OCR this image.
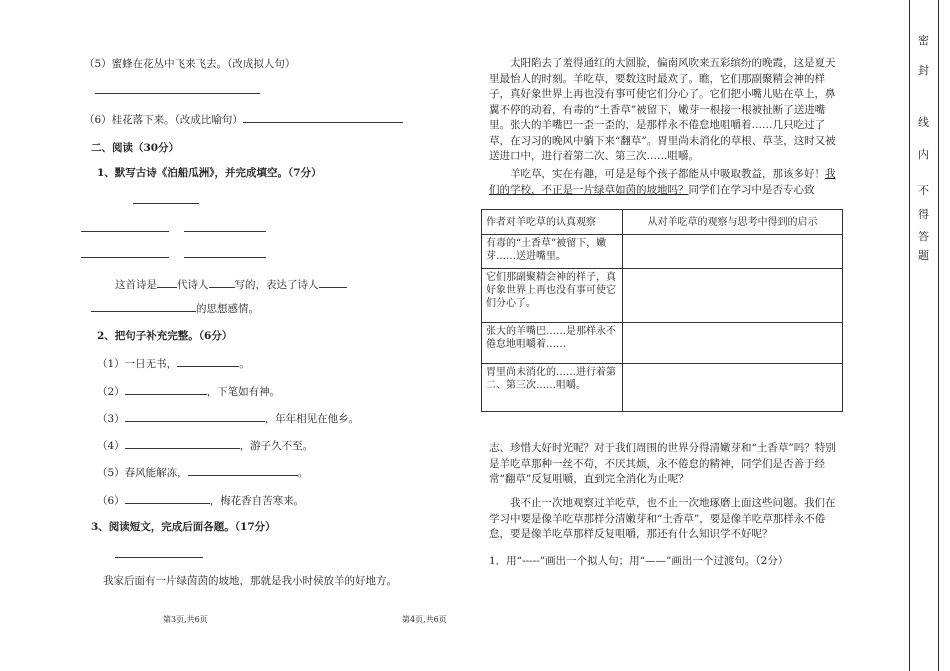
（5）蜜蜂在花丛中飞来飞去。（改成拟人句）
（6）桂花落下来。（改成比喻句）
二、阅读（30分）
1、默写古诗《泊船瓜洲》，并完成填空。（7分）
这首诗是 代诗人 写的，表达了诗人
的思想感情。
2、把句子补充完整。（6分）
（1）一日无书，	。
（2）	，下笔如有神。
（3）	，年年相见在他乡。
（4）	，游子久不至。
（5）春风能解冻，	。
（6）	，梅花香自苦寒来。
3、阅读短文，完成后面各题。（17分）
我家后面有一片绿茵茵的坡地，那就是我小时侯放羊的好地方。
第3页,共6页
太阳陷去了羞得通红的大圆脸，偏南风吹来五彩缤纷的晚霞，这是夏天里最怡人的时刻。羊吃草，要数这时最欢了。瞧，它们那副聚精会神的样子，真好象世界上再也没有事可使它们分心了。它们把小嘴儿贴在草上，鼻翼不停的动着，有毒的“土香草”被留下，嫩芽一根接一根被扯断了送进嘴里。张大的羊嘴巴一歪一歪的，是那样永不倦怠地咀嚼着……几只吃过了草，在习习的晚风中躺下来“翻草”。胃里尚未消化的草根、草茎，这时又被送进口中，进行着第二次、第三次……咀嚼。
羊吃草，实在有趣，可是是每个孩子都能从中吸取教益，那该多好！我们的学校，不正是一片绿草如茵的坡地吗？同学们在学习中是否专心致
作者对羊吃草的认真观察	从对羊吃草的观察与思考中得到的启示
有毒的“土香草”被留下，嫩芽……送进嘴里。	
它们那副聚精会神的样子，真好象世界上再也没有事可使它们分心了。	
张大的羊嘴巴……是那样永不倦怠地咀嚼着……	
胃里尚未消化的……进行着第二、第三次……咀嚼。	
志、珍惜大好时光呢？对于我们周围的世界分得清嫩芽和“土香草”吗？特别是羊吃草那种一丝不苟，不厌其烦，永不倦怠的精神，同学们是否善于经常“翻草”反复咀嚼，直到完全消化为止呢？
我不止一次地观察过羊吃草，也不止一次地琢磨上面这些问题。我们在学习中要是像羊吃草那样分清嫩芽和“土香草”，要是像羊吃草那样永不倦怠，要是像羊吃草那样反复咀嚼，那还有什么知识学不好呢？
1．用“-----”画出一个拟人句；用“——”画出一个过渡句。（2分）
第4页,共6页
密
封
线
内
不
得
答
题
